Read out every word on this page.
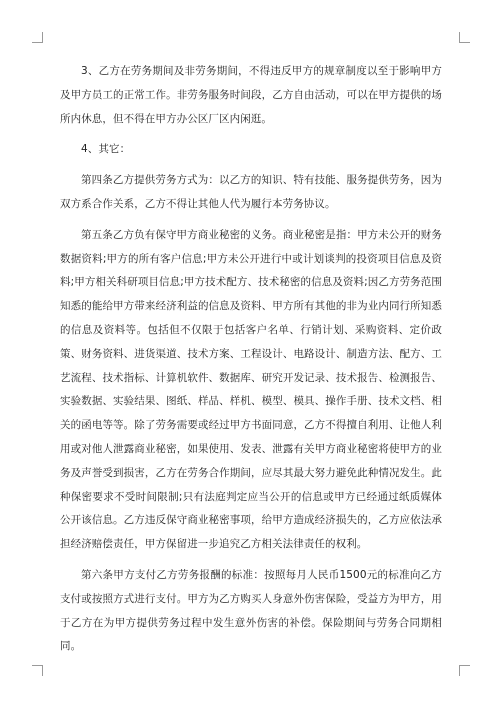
3、乙方在劳务期间及非劳务期间，不得违反甲方的规章制度以至于影响甲方及甲方员工的正常工作。非劳务服务时间段，乙方自由活动，可以在甲方提供的场所内休息，但不得在甲方办公区厂区内闲逛。

4、其它：

第四条乙方提供劳务方式为：以乙方的知识、特有技能、服务提供劳务，因为双方系合作关系，乙方不得让其他人代为履行本劳务协议。

第五条乙方负有保守甲方商业秘密的义务。商业秘密是指：甲方未公开的财务数据资料;甲方的所有客户信息;甲方未公开进行中或计划谈判的投资项目信息及资料;甲方相关科研项目信息;甲方技术配方、技术秘密的信息及资料;因乙方劳务范围知悉的能给甲方带来经济利益的信息及资料、甲方所有其他的非为业内同行所知悉的信息及资料等。包括但不仅限于包括客户名单、行销计划、采购资料、定价政策、财务资料、进货渠道、技术方案、工程设计、电路设计、制造方法、配方、工艺流程、技术指标、计算机软件、数据库、研究开发记录、技术报告、检测报告、实验数据、实验结果、图纸、样品、样机、模型、模具、操作手册、技术文档、相关的函电等等。除了劳务需要或经过甲方书面同意，乙方不得擅自利用、让他人利用或对他人泄露商业秘密，如果使用、发表、泄露有关甲方商业秘密将使甲方的业务及声誉受到损害，乙方在劳务合作期间，应尽其最大努力避免此种情况发生。此种保密要求不受时间限制;只有法庭判定应当公开的信息或甲方已经通过纸质媒体公开该信息。乙方违反保守商业秘密事项，给甲方造成经济损失的，乙方应依法承担经济赔偿责任，甲方保留进一步追究乙方相关法律责任的权利。

第六条甲方支付乙方劳务报酬的标准：按照每月人民币1500元的标准向乙方支付或按照方式进行支付。甲方为乙方购买人身意外伤害保险，受益方为甲方，用于乙方在为甲方提供劳务过程中发生意外伤害的补偿。保险期间与劳务合同期相同。
